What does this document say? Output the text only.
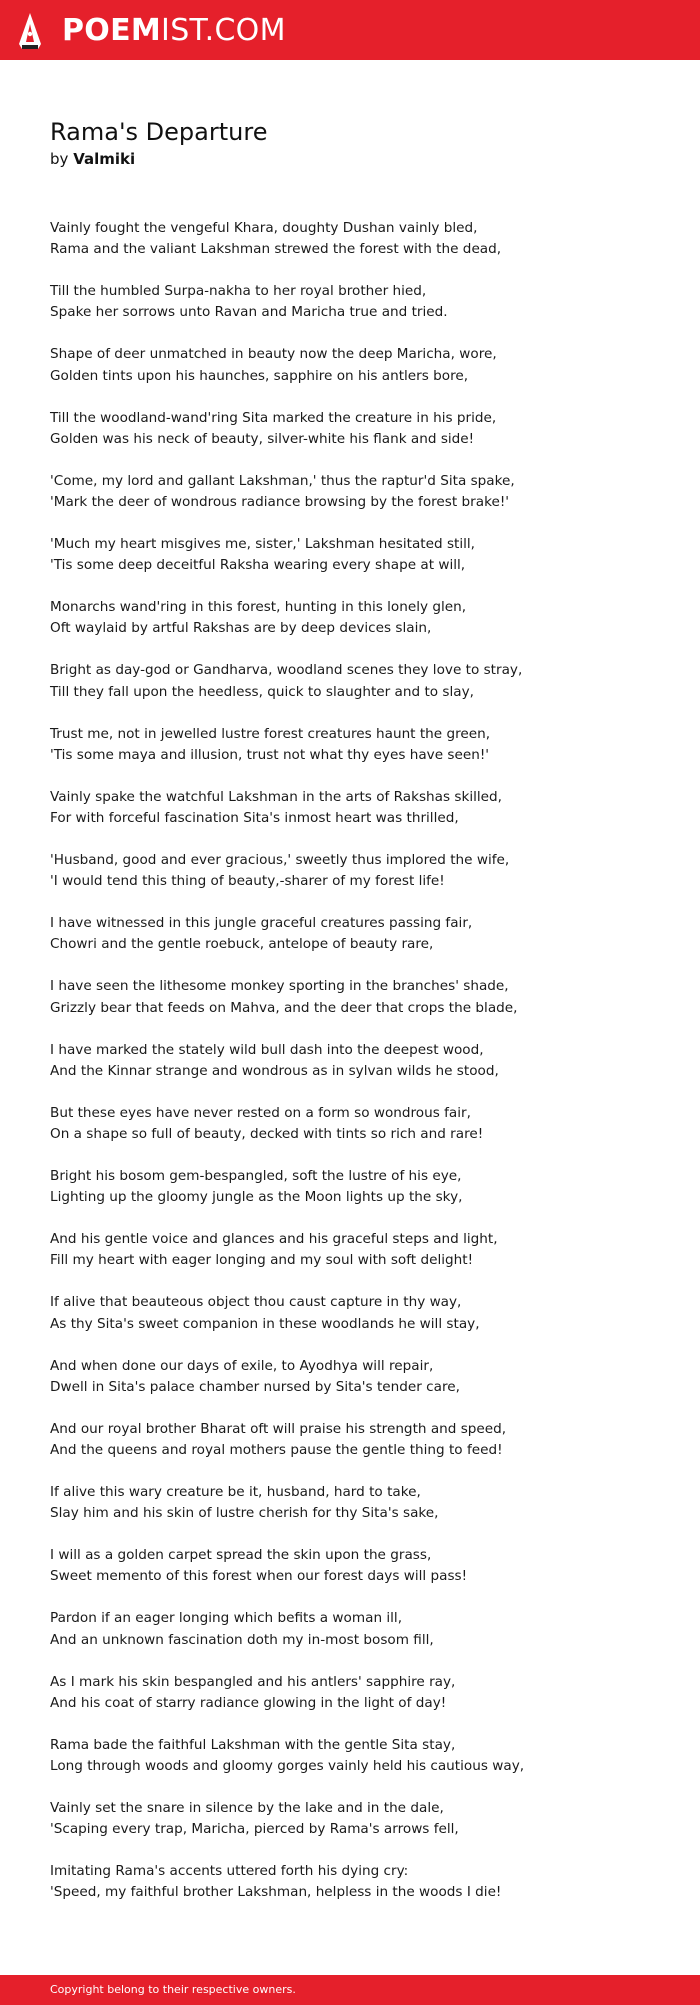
POEMIST.COM
Rama's Departure
by Valmiki
Vainly fought the vengeful Khara, doughty Dushan vainly bled,
Rama and the valiant Lakshman strewed the forest with the dead,
Till the humbled Surpa-nakha to her royal brother hied,
Spake her sorrows unto Ravan and Maricha true and tried.
Shape of deer unmatched in beauty now the deep Maricha, wore,
Golden tints upon his haunches, sapphire on his antlers bore,
Till the woodland-wand'ring Sita marked the creature in his pride,
Golden was his neck of beauty, silver-white his flank and side!
'Come, my lord and gallant Lakshman,' thus the raptur'd Sita spake,
'Mark the deer of wondrous radiance browsing by the forest brake!'
'Much my heart misgives me, sister,' Lakshman hesitated still,
'Tis some deep deceitful Raksha wearing every shape at will,
Monarchs wand'ring in this forest, hunting in this lonely glen,
Oft waylaid by artful Rakshas are by deep devices slain,
Bright as day-god or Gandharva, woodland scenes they love to stray,
Till they fall upon the heedless, quick to slaughter and to slay,
Trust me, not in jewelled lustre forest creatures haunt the green,
'Tis some maya and illusion, trust not what thy eyes have seen!'
Vainly spake the watchful Lakshman in the arts of Rakshas skilled,
For with forceful fascination Sita's inmost heart was thrilled,
'Husband, good and ever gracious,' sweetly thus implored the wife,
'I would tend this thing of beauty,-sharer of my forest life!
I have witnessed in this jungle graceful creatures passing fair,
Chowri and the gentle roebuck, antelope of beauty rare,
I have seen the lithesome monkey sporting in the branches' shade,
Grizzly bear that feeds on Mahva, and the deer that crops the blade,
I have marked the stately wild bull dash into the deepest wood,
And the Kinnar strange and wondrous as in sylvan wilds he stood,
But these eyes have never rested on a form so wondrous fair,
On a shape so full of beauty, decked with tints so rich and rare!
Bright his bosom gem-bespangled, soft the lustre of his eye,
Lighting up the gloomy jungle as the Moon lights up the sky,
And his gentle voice and glances and his graceful steps and light,
Fill my heart with eager longing and my soul with soft delight!
If alive that beauteous object thou caust capture in thy way,
As thy Sita's sweet companion in these woodlands he will stay,
And when done our days of exile, to Ayodhya will repair,
Dwell in Sita's palace chamber nursed by Sita's tender care,
And our royal brother Bharat oft will praise his strength and speed,
And the queens and royal mothers pause the gentle thing to feed!
If alive this wary creature be it, husband, hard to take,
Slay him and his skin of lustre cherish for thy Sita's sake,
I will as a golden carpet spread the skin upon the grass,
Sweet memento of this forest when our forest days will pass!
Pardon if an eager longing which befits a woman ill,
And an unknown fascination doth my in-most bosom fill,
As I mark his skin bespangled and his antlers' sapphire ray,
And his coat of starry radiance glowing in the light of day!
Rama bade the faithful Lakshman with the gentle Sita stay,
Long through woods and gloomy gorges vainly held his cautious way,
Vainly set the snare in silence by the lake and in the dale,
'Scaping every trap, Maricha, pierced by Rama's arrows fell,
Imitating Rama's accents uttered forth his dying cry:
'Speed, my faithful brother Lakshman, helpless in the woods I die!
Copyright belong to their respective owners.
